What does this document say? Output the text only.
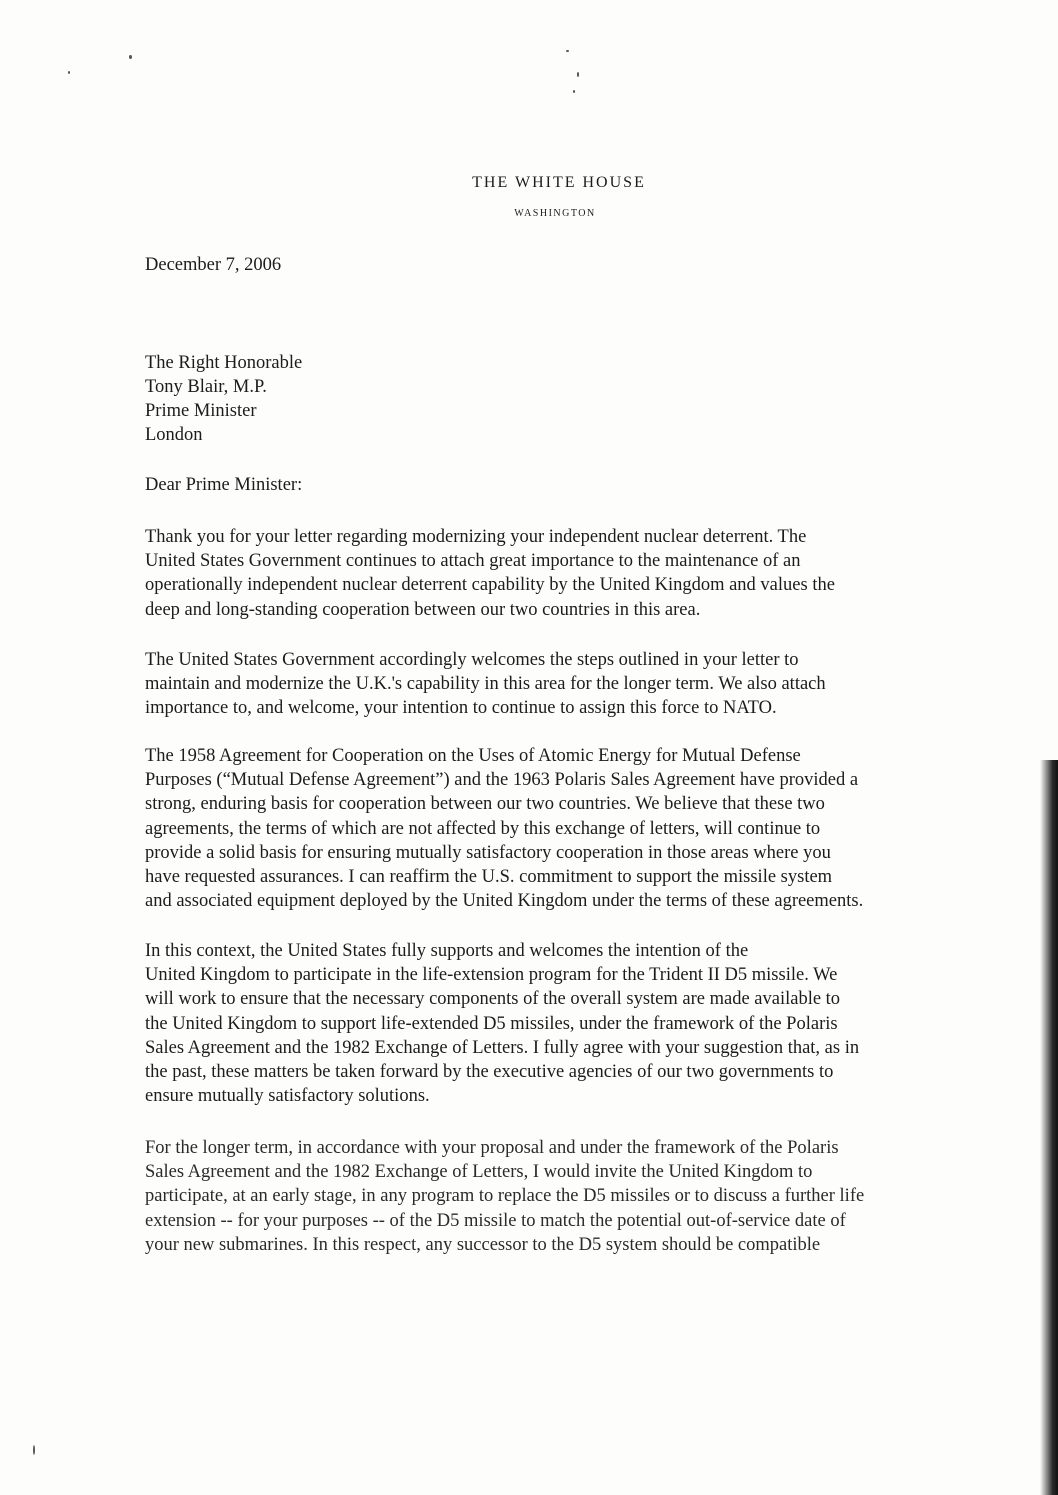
THE WHITE HOUSE
WASHINGTON
December 7, 2006
The Right Honorable
Tony Blair, M.P.
Prime Minister
London
Dear Prime Minister:
Thank you for your letter regarding modernizing your independent nuclear deterrent. The
United States Government continues to attach great importance to the maintenance of an
operationally independent nuclear deterrent capability by the United Kingdom and values the
deep and long-standing cooperation between our two countries in this area.
The United States Government accordingly welcomes the steps outlined in your letter to
maintain and modernize the U.K.'s capability in this area for the longer term. We also attach
importance to, and welcome, your intention to continue to assign this force to NATO.
The 1958 Agreement for Cooperation on the Uses of Atomic Energy for Mutual Defense
Purposes (“Mutual Defense Agreement”) and the 1963 Polaris Sales Agreement have provided a
strong, enduring basis for cooperation between our two countries. We believe that these two
agreements, the terms of which are not affected by this exchange of letters, will continue to
provide a solid basis for ensuring mutually satisfactory cooperation in those areas where you
have requested assurances. I can reaffirm the U.S. commitment to support the missile system
and associated equipment deployed by the United Kingdom under the terms of these agreements.
In this context, the United States fully supports and welcomes the intention of the
United Kingdom to participate in the life-extension program for the Trident II D5 missile. We
will work to ensure that the necessary components of the overall system are made available to
the United Kingdom to support life-extended D5 missiles, under the framework of the Polaris
Sales Agreement and the 1982 Exchange of Letters. I fully agree with your suggestion that, as in
the past, these matters be taken forward by the executive agencies of our two governments to
ensure mutually satisfactory solutions.
For the longer term, in accordance with your proposal and under the framework of the Polaris
Sales Agreement and the 1982 Exchange of Letters, I would invite the United Kingdom to
participate, at an early stage, in any program to replace the D5 missiles or to discuss a further life
extension -- for your purposes -- of the D5 missile to match the potential out-of-service date of
your new submarines. In this respect, any successor to the D5 system should be compatible
